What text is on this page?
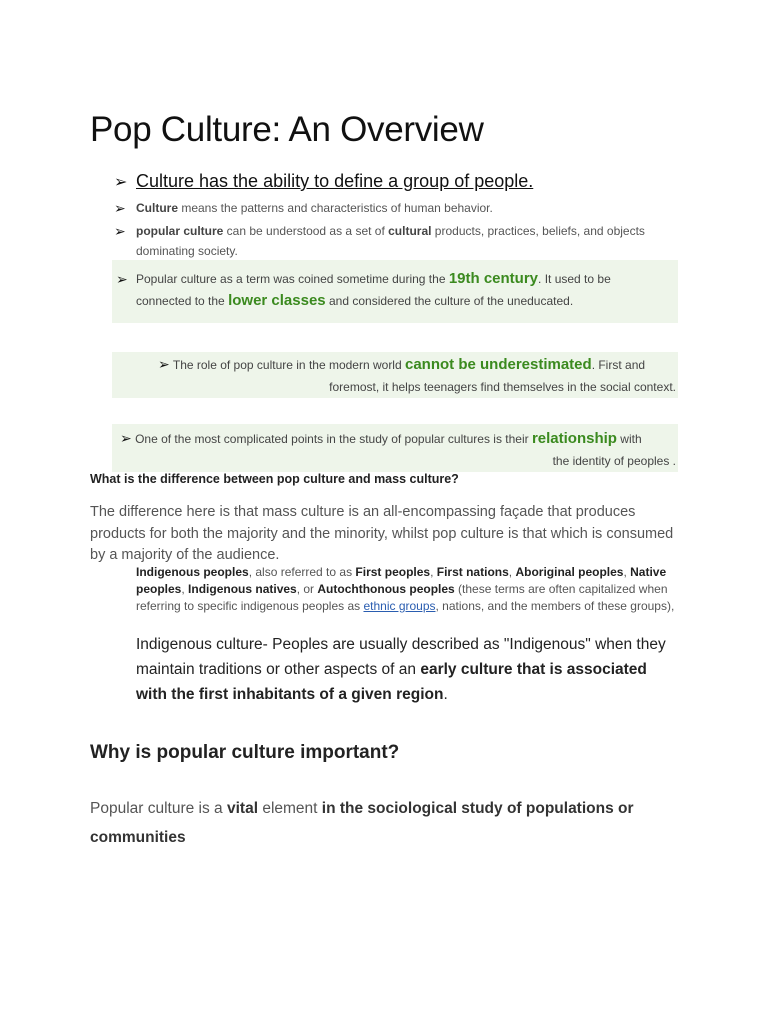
Pop Culture: An Overview
➢ Culture has the ability to define a group of people.
➢ Culture means the patterns and characteristics of human behavior.
➢ popular culture can be understood as a set of cultural products, practices, beliefs, and objects dominating society.
➢ Popular culture as a term was coined sometime during the 19th century. It used to be connected to the lower classes and considered the culture of the uneducated.
➢ The role of pop culture in the modern world cannot be underestimated. First and
foremost, it helps teenagers find themselves in the social context.
➢ One of the most complicated points in the study of popular cultures is their relationship with
the identity of peoples .
What is the difference between pop culture and mass culture?
The difference here is that mass culture is an all-encompassing façade that produces products for both the majority and the minority, whilst pop culture is that which is consumed by a majority of the audience.
Indigenous peoples, also referred to as First peoples, First nations, Aboriginal peoples, Native peoples, Indigenous natives, or Autochthonous peoples (these terms are often capitalized when referring to specific indigenous peoples as ethnic groups, nations, and the members of these groups),
Indigenous culture- Peoples are usually described as "Indigenous" when they maintain traditions or other aspects of an early culture that is associated with the first inhabitants of a given region.
Why is popular culture important?
Popular culture is a vital element in the sociological study of populations or communities
